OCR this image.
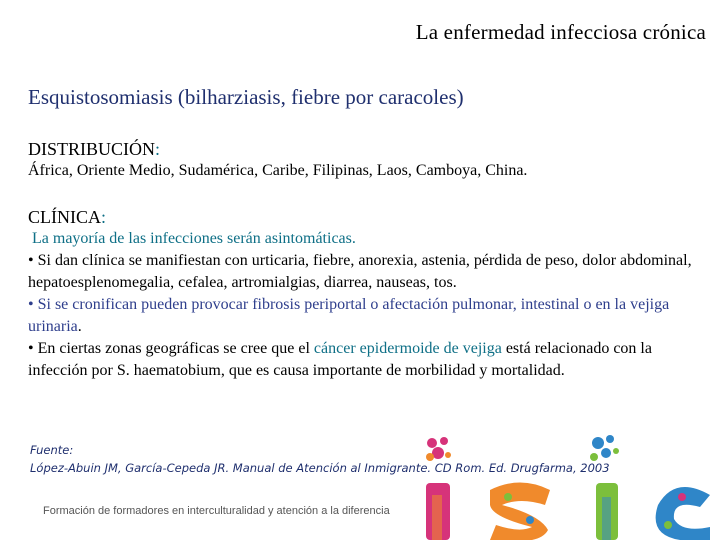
La enfermedad infecciosa crónica
Esquistosomiasis (bilharziasis, fiebre por caracoles)
DISTRIBUCIÓN:
África, Oriente Medio, Sudamérica, Caribe, Filipinas, Laos, Camboya, China.
CLÍNICA:
La mayoría de las infecciones serán asintomáticas.
• Si dan clínica se manifiestan con urticaria, fiebre, anorexia, astenia, pérdida de peso, dolor abdominal, hepatoesplenomegalia, cefalea, artromialgias, diarrea, nauseas, tos.
• Si se cronifican pueden provocar fibrosis periportal o afectación pulmonar, intestinal o en la vejiga urinaria.
• En ciertas zonas geográficas se cree que el cáncer epidermoide de vejiga está relacionado con la infección por S. haematobium, que es causa importante de morbilidad y mortalidad.
Fuente:
López-Abuin JM, García-Cepeda JR. Manual de Atención al Inmigrante. CD Rom. Ed. Drugfarma, 2003
Formación de formadores en interculturalidad y atención a la diferencia
